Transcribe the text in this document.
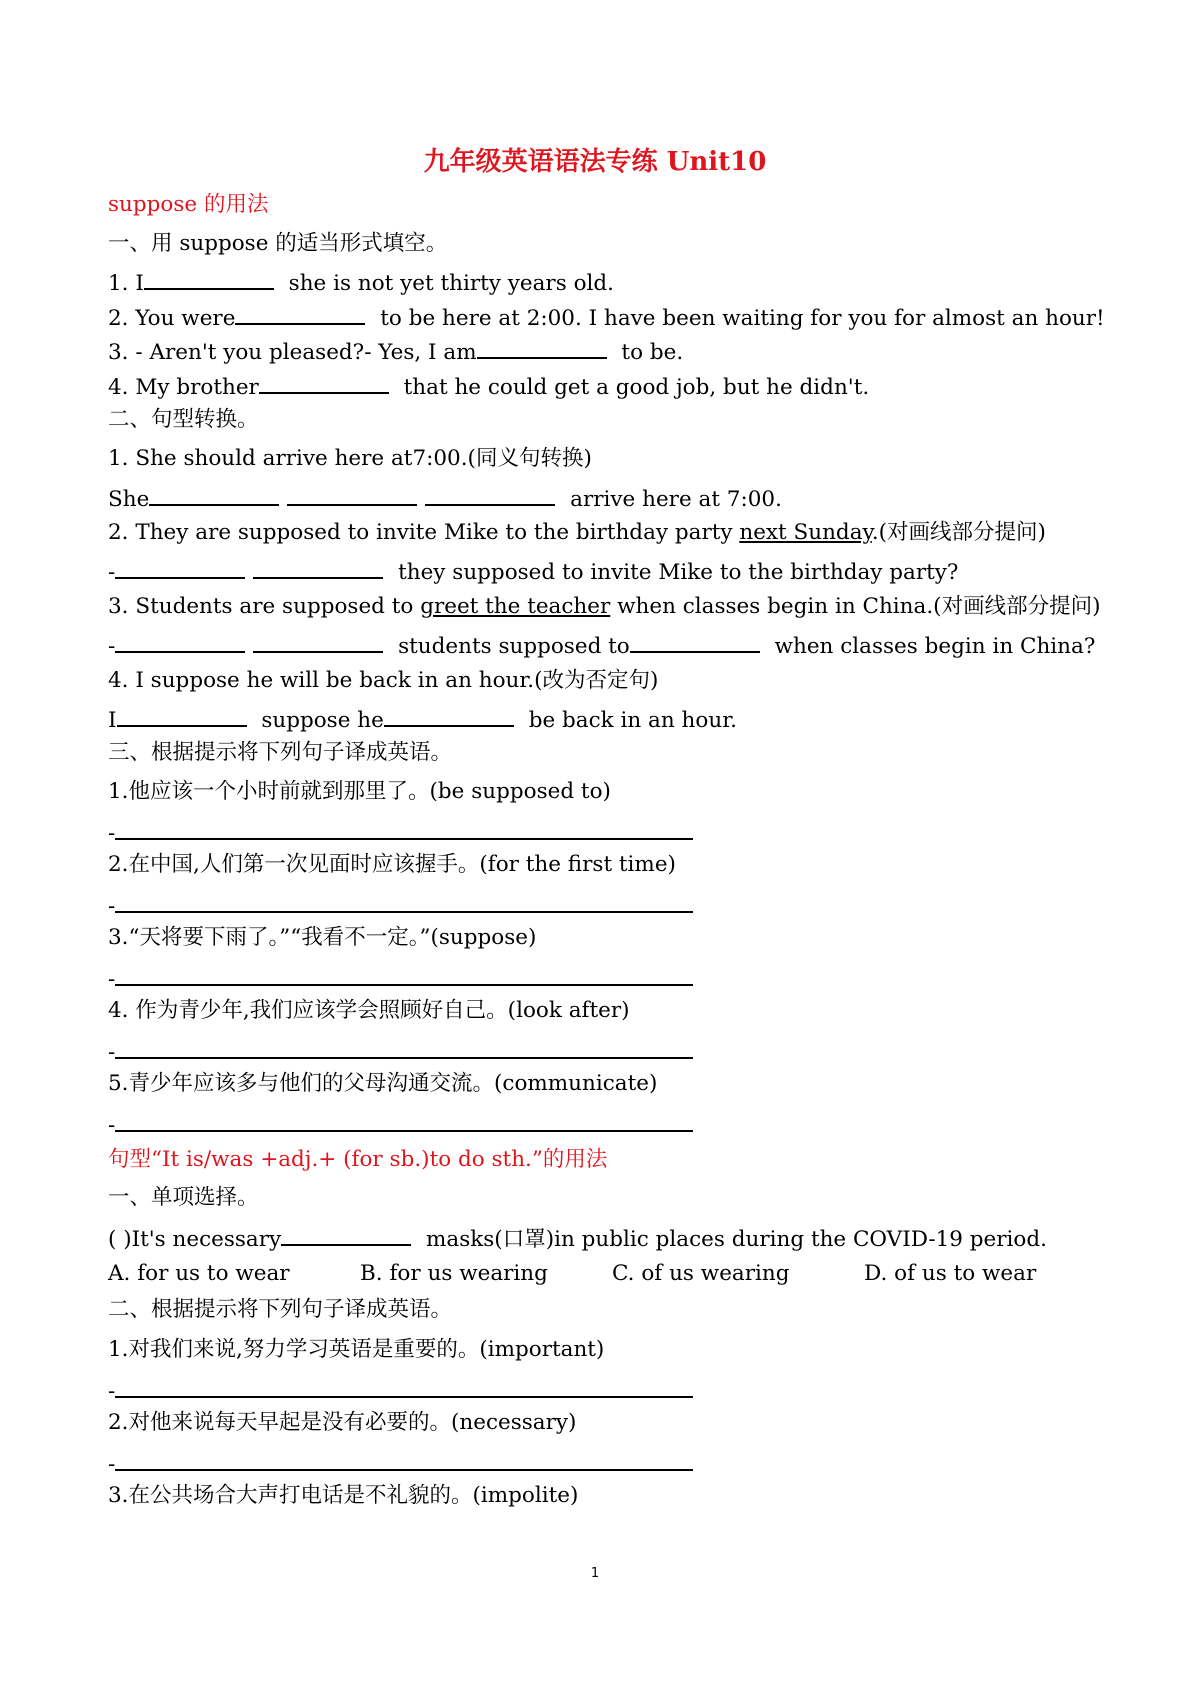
九年级英语语法专练 Unit10
suppose 的用法
一、用 suppose 的适当形式填空。
1. I	she is not yet thirty years old.
2. You were	to be here at 2:00. I have been waiting for you for almost an hour!
3. - Aren't you pleased?- Yes, I am	to be.
4. My brother	that he could get a good job, but he didn't.
二、句型转换。
1. She should arrive here at7:00.(同义句转换)
She	arrive here at 7:00.
2. They are supposed to invite Mike to the birthday party next Sunday.(对画线部分提问)
-	they supposed to invite Mike to the birthday party?
3. Students are supposed to greet the teacher when classes begin in China.(对画线部分提问)
-	students supposed to	when classes begin in China?
4. I suppose he will be back in an hour.(改为否定句)
I	suppose he	be back in an hour.
三、根据提示将下列句子译成英语。
1.他应该一个小时前就到那里了。(be supposed to)
-
2.在中国,人们第一次见面时应该握手。(for the first time)
-
3.“天将要下雨了。”“我看不一定。”(suppose)
-
4. 作为青少年,我们应该学会照顾好自己。(look after)
-
5.青少年应该多与他们的父母沟通交流。(communicate)
-
句型“It is/was +adj.+ (for sb.)to do sth.”的用法
一、单项选择。
( )It's necessary	masks(口罩)in public places during the COVID-19 period.
A. for us to wear	B. for us wearing	C. of us wearing	D. of us to wear
二、根据提示将下列句子译成英语。
1.对我们来说,努力学习英语是重要的。(important)
-
2.对他来说每天早起是没有必要的。(necessary)
-
3.在公共场合大声打电话是不礼貌的。(impolite)
1
